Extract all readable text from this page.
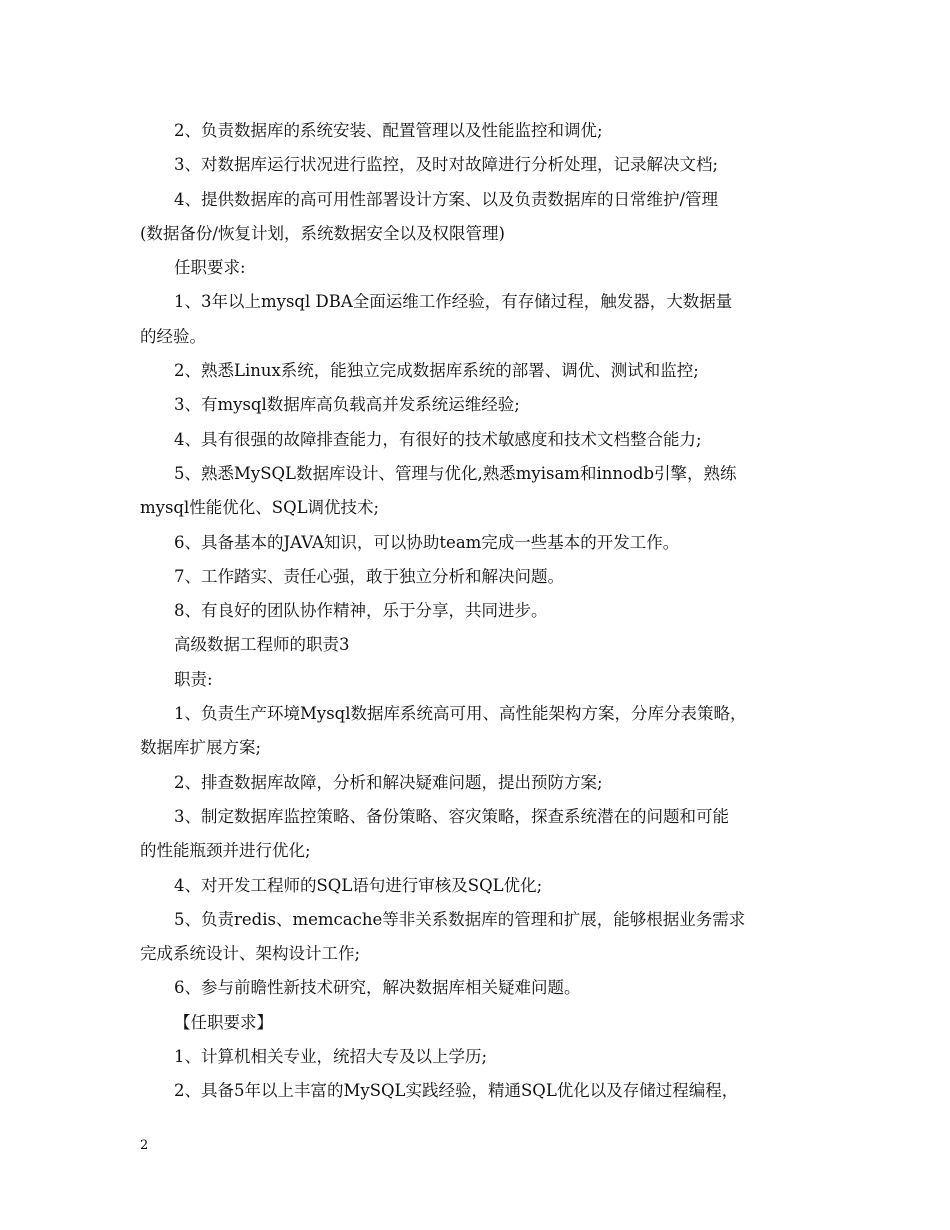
2、负责数据库的系统安装、配置管理以及性能监控和调优;
3、对数据库运行状况进行监控，及时对故障进行分析处理，记录解决文档;
4、提供数据库的高可用性部署设计方案、以及负责数据库的日常维护/管理
(数据备份/恢复计划，系统数据安全以及权限管理)
任职要求:
1、3年以上mysql DBA全面运维工作经验，有存储过程，触发器，大数据量
的经验。
2、熟悉Linux系统，能独立完成数据库系统的部署、调优、测试和监控;
3、有mysql数据库高负载高并发系统运维经验;
4、具有很强的故障排查能力，有很好的技术敏感度和技术文档整合能力;
5、熟悉MySQL数据库设计、管理与优化,熟悉myisam和innodb引擎，熟练
mysql性能优化、SQL调优技术;
6、具备基本的JAVA知识，可以协助team完成一些基本的开发工作。
7、工作踏实、责任心强，敢于独立分析和解决问题。
8、有良好的团队协作精神，乐于分享，共同进步。
高级数据工程师的职责3
职责:
1、负责生产环境Mysql数据库系统高可用、高性能架构方案，分库分表策略，
数据库扩展方案;
2、排查数据库故障，分析和解决疑难问题，提出预防方案;
3、制定数据库监控策略、备份策略、容灾策略，探查系统潜在的问题和可能
的性能瓶颈并进行优化;
4、对开发工程师的SQL语句进行审核及SQL优化;
5、负责redis、memcache等非关系数据库的管理和扩展，能够根据业务需求
完成系统设计、架构设计工作;
6、参与前瞻性新技术研究，解决数据库相关疑难问题。
【任职要求】
1、计算机相关专业，统招大专及以上学历;
2、具备5年以上丰富的MySQL实践经验，精通SQL优化以及存储过程编程，
2
